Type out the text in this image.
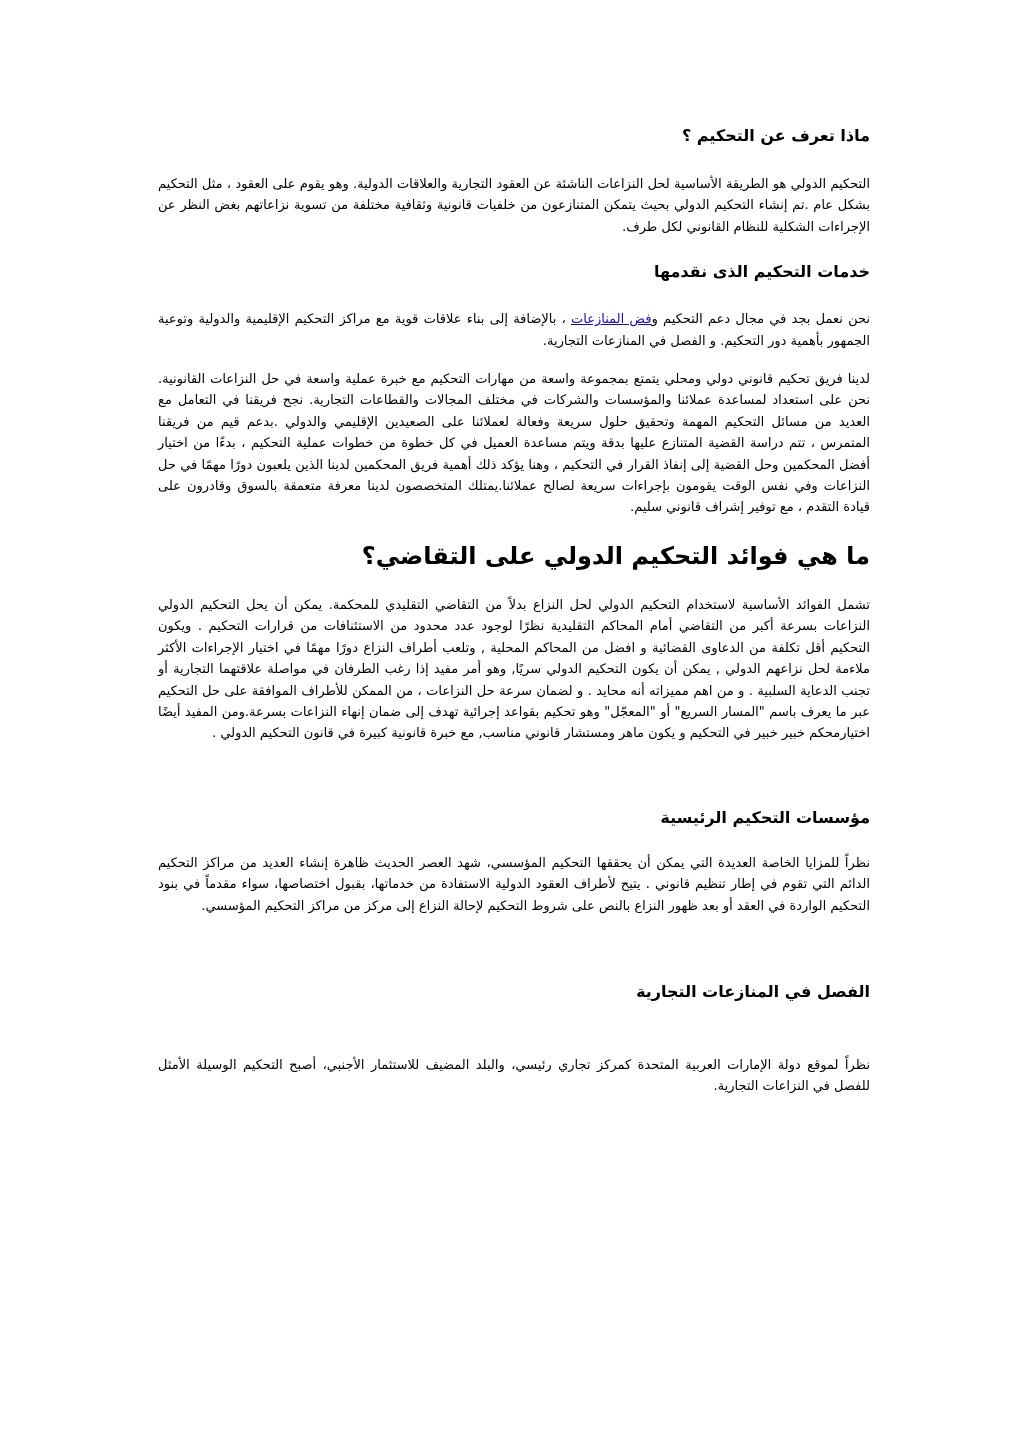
ماذا تعرف عن التحكيم ؟

التحكيم الدولي هو الطريقة الأساسية لحل النزاعات الناشئة عن العقود التجارية والعلاقات الدولية. وهو يقوم على العقود ، مثل التحكيم بشكل عام .تم إنشاء التحكيم الدولي بحيث يتمكن المتنازعون من خلفيات قانونية وثقافية مختلفة من تسوية نزاعاتهم بغض النظر عن الإجراءات الشكلية للنظام القانوني لكل طرف.

خدمات التحكيم الذى نقدمها

نحن نعمل بجد في مجال دعم التحكيم وفض المنازعات ، بالإضافة إلى بناء علاقات قوية مع مراكز التحكيم الإقليمية والدولية وتوعية الجمهور بأهمية دور التحكيم. و الفصل في المنازعات التجارية.

لدينا فريق تحكيم قانوني دولي ومحلي يتمتع بمجموعة واسعة من مهارات التحكيم مع خبرة عملية واسعة في حل النزاعات القانونية. نحن على استعداد لمساعدة عملائنا والمؤسسات والشركات في مختلف المجالات والقطاعات التجارية. نجح فريقنا في التعامل مع العديد من مسائل التحكيم المهمة وتحقيق حلول سريعة وفعالة لعملائنا على الصعيدين الإقليمي والدولي .بدعم قيم من فريقنا المتمرس ، تتم دراسة القضية المتنازع عليها بدقة ويتم مساعدة العميل في كل خطوة من خطوات عملية التحكيم ، بدءًا من اختيار أفضل المحكمين وحل القضية إلى إنفاذ القرار في التحكيم ، وهنا يؤكد ذلك أهمية فريق المحكمين لدينا الذين يلعبون دورًا مهمًا في حل النزاعات وفي نفس الوقت يقومون بإجراءات سريعة لصالح عملائنا.يمتلك المتخصصون لدينا معرفة متعمقة بالسوق وقادرون على قيادة التقدم ، مع توفير إشراف قانوني سليم.

ما هي فوائد التحكيم الدولي على التقاضي؟

تشمل الفوائد الأساسية لاستخدام التحكيم الدولي لحل النزاع بدلاً من التقاضي التقليدي للمحكمة. يمكن أن يحل التحكيم الدولي النزاعات بسرعة أكبر من التقاضي أمام المحاكم التقليدية نظرًا لوجود عدد محدود من الاستئنافات من قرارات التحكيم . ويكون التحكيم أقل تكلفة من الدعاوى القضائية و افضل من المحاكم المحلية , وتلعب أطراف النزاع دورًا مهمًا في اختيار الإجراءات الأكثر ملاءمة لحل نزاعهم الدولي , يمكن أن يكون التحكيم الدولي سريًا, وهو أمر مفيد إذا رغب الطرفان في مواصلة علاقتهما التجارية أو تجنب الدعاية السلبية . و من اهم مميزاته أنه محايد . و لضمان سرعة حل النزاعات ، من الممكن للأطراف الموافقة على حل التحكيم عبر ما يعرف باسم "المسار السريع" أو "المعجّل" وهو تحكيم بقواعد إجرائية تهدف إلى ضمان إنهاء النزاعات بسرعة.ومن المفيد أيضًا اختيارمحكم خبير خبير في التحكيم و يكون ماهر ومستشار قانوني مناسب, مع خبرة قانونية كبيرة في قانون التحكيم الدولي .

مؤسسات التحكيم الرئيسية

نظراً للمزايا الخاصة العديدة التي يمكن أن يحققها التحكيم المؤسسي، شهد العصر الحديث ظاهرة إنشاء العديد من مراكز التحكيم الدائم التي تقوم في إطار تنظيم قانوني . يتيح لأطراف العقود الدولية الاستفادة من خدماتها، بقبول اختصاصها، سواء مقدماً في بنود التحكيم الواردة في العقد أو بعد ظهور النزاع بالنص على شروط التحكيم لإحالة النزاع إلى مركز من مراكز التحكيم المؤسسي.

الفصل في المنازعات التجارية

نظراً لموقع دولة الإمارات العربية المتحدة كمركز تجاري رئيسي، والبلد المضيف للاستثمار الأجنبي، أصبح التحكيم الوسيلة الأمثل للفصل في النزاعات التجارية.
